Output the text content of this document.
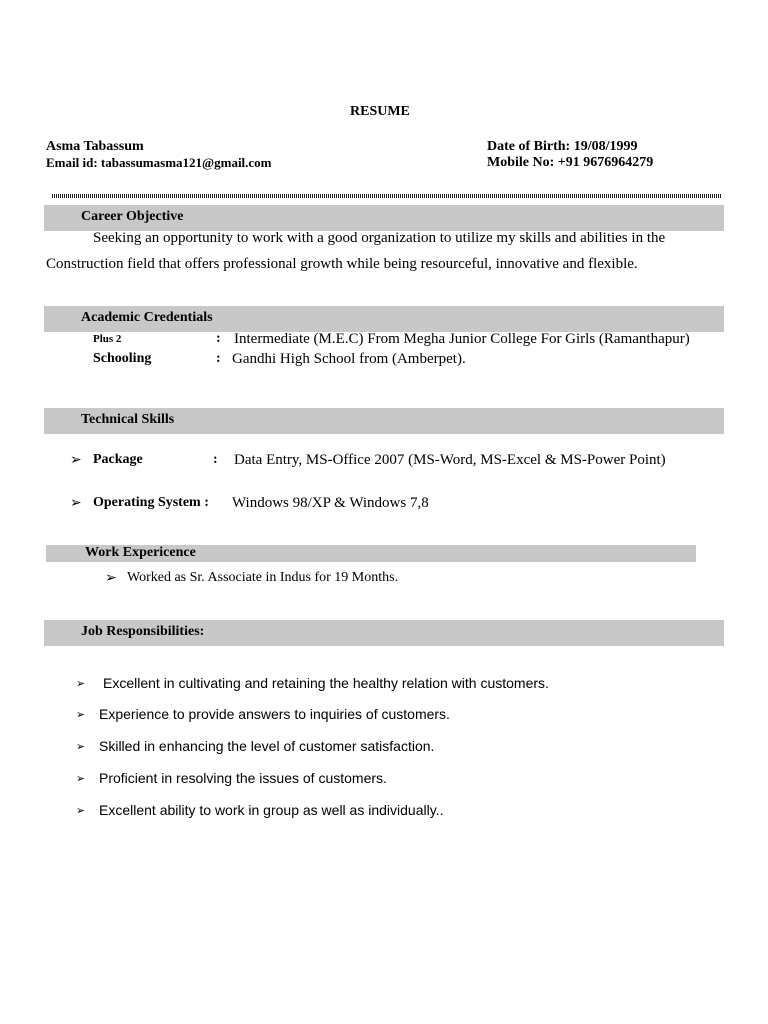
RESUME
Asma Tabassum
Email id: tabassumasma121@gmail.com
Date of Birth: 19/08/1999
Mobile No: +91 9676964279
Career Objective
Seeking an opportunity to work with a good organization to utilize my skills and abilities in the
Construction field that offers professional growth while being resourceful, innovative and flexible.
Academic Credentials
Plus 2	: Intermediate (M.E.C) From Megha Junior College For Girls (Ramanthapur)
Schooling	: Gandhi High School from (Amberpet).
Technical Skills
➢ Package	: Data Entry, MS-Office 2007 (MS-Word, MS-Excel & MS-Power Point)
➢ Operating System : Windows 98/XP & Windows 7,8
Work Expericence
➢ Worked as Sr. Associate in Indus for 19 Months.
Job Responsibilities:
➢ Excellent in cultivating and retaining the healthy relation with customers.
➢ Experience to provide answers to inquiries of customers.
➢ Skilled in enhancing the level of customer satisfaction.
➢ Proficient in resolving the issues of customers.
➢ Excellent ability to work in group as well as individually..
